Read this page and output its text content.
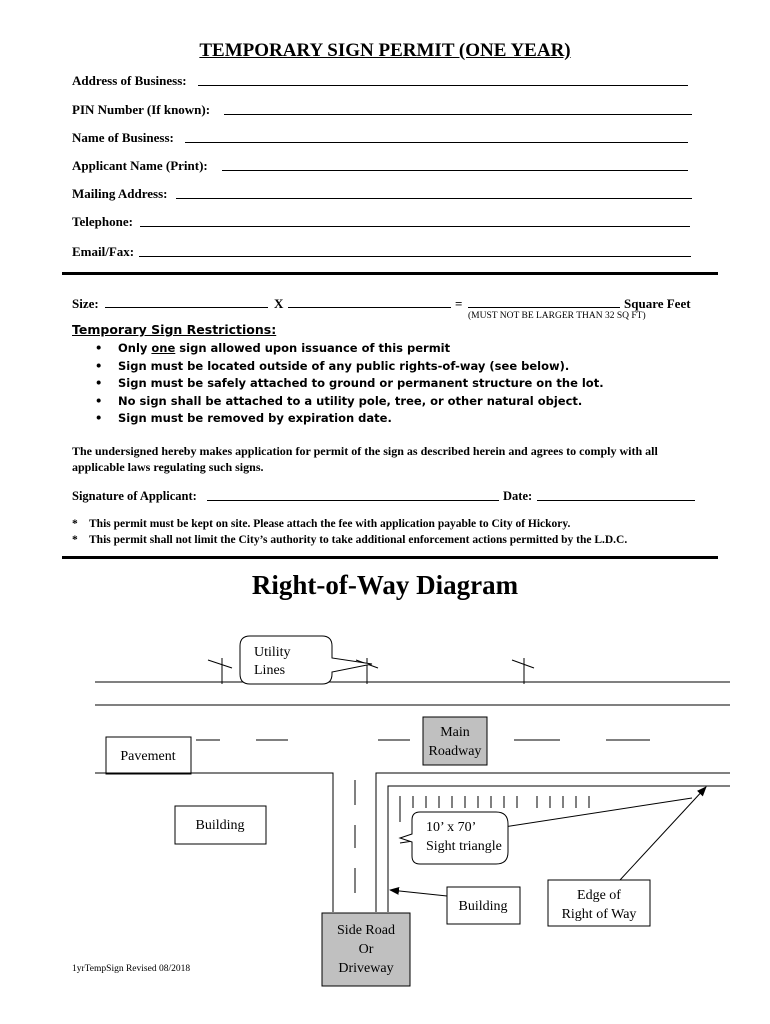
TEMPORARY SIGN PERMIT (ONE YEAR)
Address of Business:
PIN Number (If known):
Name of Business:
Applicant Name (Print):
Mailing Address:
Telephone:
Email/Fax:
Size:	X	=	Square Feet
(MUST NOT BE LARGER THAN 32 SQ FT)
Temporary Sign Restrictions:
• Only one sign allowed upon issuance of this permit
• Sign must be located outside of any public rights-of-way (see below).
• Sign must be safely attached to ground or permanent structure on the lot.
• No sign shall be attached to a utility pole, tree, or other natural object.
• Sign must be removed by expiration date.
The undersigned hereby makes application for permit of the sign as described herein and agrees to comply with all applicable laws regulating such signs.
Signature of Applicant:	Date:
* This permit must be kept on site. Please attach the fee with application payable to City of Hickory.
* This permit shall not limit the City’s authority to take additional enforcement actions permitted by the L.D.C.
Right-of-Way Diagram
Utility
Lines
Main
Roadway
Pavement
10’ x 70’
Sight triangle
Building
Building
Edge of
Right of Way
Side Road
Or
Driveway
1yrTempSign Revised 08/2018
